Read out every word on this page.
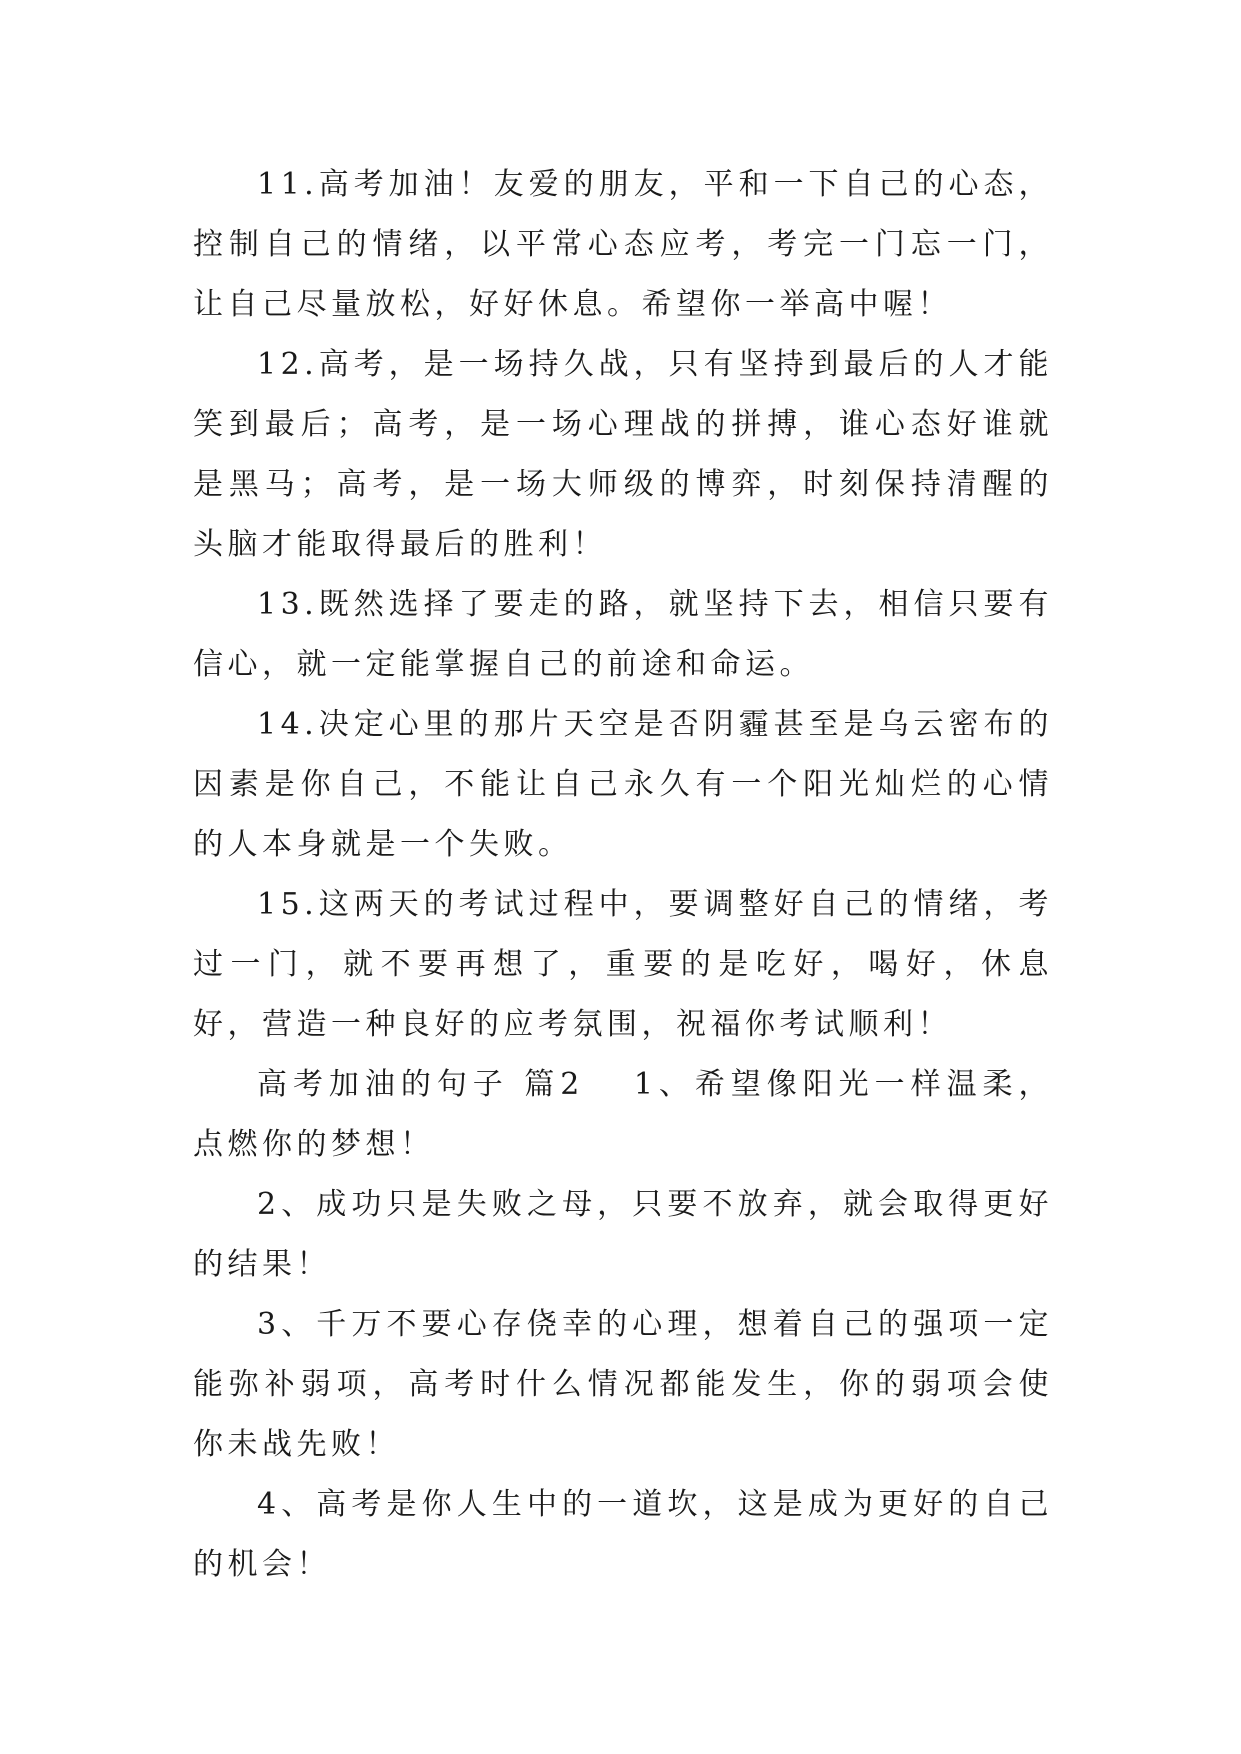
11.高考加油！友爱的朋友，平和一下自己的心态，控制自己的情绪，以平常心态应考，考完一门忘一门，让自己尽量放松，好好休息。希望你一举高中喔！

12.高考，是一场持久战，只有坚持到最后的人才能笑到最后；高考，是一场心理战的拼搏，谁心态好谁就是黑马；高考，是一场大师级的博弈，时刻保持清醒的头脑才能取得最后的胜利！

13.既然选择了要走的路，就坚持下去，相信只要有信心，就一定能掌握自己的前途和命运。

14.决定心里的那片天空是否阴霾甚至是乌云密布的因素是你自己，不能让自己永久有一个阳光灿烂的心情的人本身就是一个失败。

15.这两天的考试过程中，要调整好自己的情绪，考过一门，就不要再想了，重要的是吃好，喝好，休息好，营造一种良好的应考氛围，祝福你考试顺利！

高考加油的句子 篇2 1、希望像阳光一样温柔，点燃你的梦想！

2、成功只是失败之母，只要不放弃，就会取得更好的结果！

3、千万不要心存侥幸的心理，想着自己的强项一定能弥补弱项，高考时什么情况都能发生，你的弱项会使你未战先败！

4、高考是你人生中的一道坎，这是成为更好的自己的机会！
